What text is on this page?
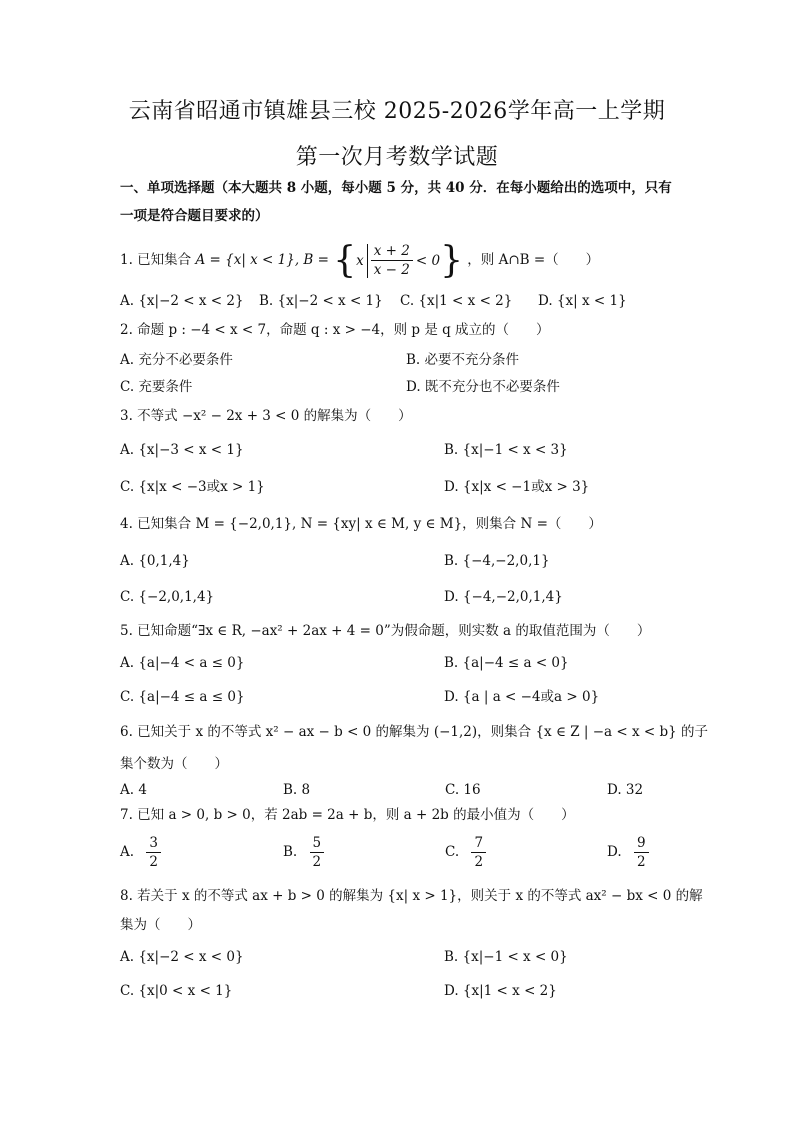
云南省昭通市镇雄县三校 2025-2026学年高一上学期
第一次月考数学试题
一、单项选择题（本大题共 8 小题，每小题 5 分，共 40 分．在每小题给出的选项中，只有
一项是符合题目要求的）
1. 已知集合 A = {x| x < 1}, B = { x $\frac{x + 2}{x - 2} < 0$ } ，则 A∩B =（　　）
A. {x|−2 < x < 2} B. {x|−2 < x < 1} C. {x|1 < x < 2} D. {x| x < 1}
2. 命题 p : −4 < x < 7，命题 q : x > −4，则 p 是 q 成立的（　　）
A. 充分不必要条件	B. 必要不充分条件
C. 充要条件	D. 既不充分也不必要条件
3. 不等式 −x² − 2x + 3 < 0 的解集为（　　）
A. {x|−3 < x < 1}	B. {x|−1 < x < 3}
C. {x|x < −3或x > 1}	D. {x|x < −1或x > 3}
4. 已知集合 M = {−2,0,1}, N = {xy| x ∈ M, y ∈ M}，则集合 N =（　　）
A. {0,1,4}	B. {−4,−2,0,1}
C. {−2,0,1,4}	D. {−4,−2,0,1,4}
5. 已知命题“∃x ∈ R, −ax² + 2ax + 4 = 0”为假命题，则实数 a 的取值范围为（　　）
A. {a|−4 < a ≤ 0}	B. {a|−4 ≤ a < 0}
C. {a|−4 ≤ a ≤ 0}	D. {a | a < −4或a > 0}
6. 已知关于 x 的不等式 x² − ax − b < 0 的解集为 (−1,2)，则集合 {x ∈ Z | −a < x < b} 的子
集个数为（　　）
A. 4	B. 8	C. 16	D. 32
7. 已知 a > 0, b > 0，若 2ab = 2a + b，则 a + 2b 的最小值为（　　）
A. $\frac{3}{2}$	B. $\frac{5}{2}$	C. $\frac{7}{2}$	D. $\frac{9}{2}$
8. 若关于 x 的不等式 ax + b > 0 的解集为 {x| x > 1}，则关于 x 的不等式 ax² − bx < 0 的解
集为（　　）
A. {x|−2 < x < 0}	B. {x|−1 < x < 0}
C. {x|0 < x < 1}	D. {x|1 < x < 2}
